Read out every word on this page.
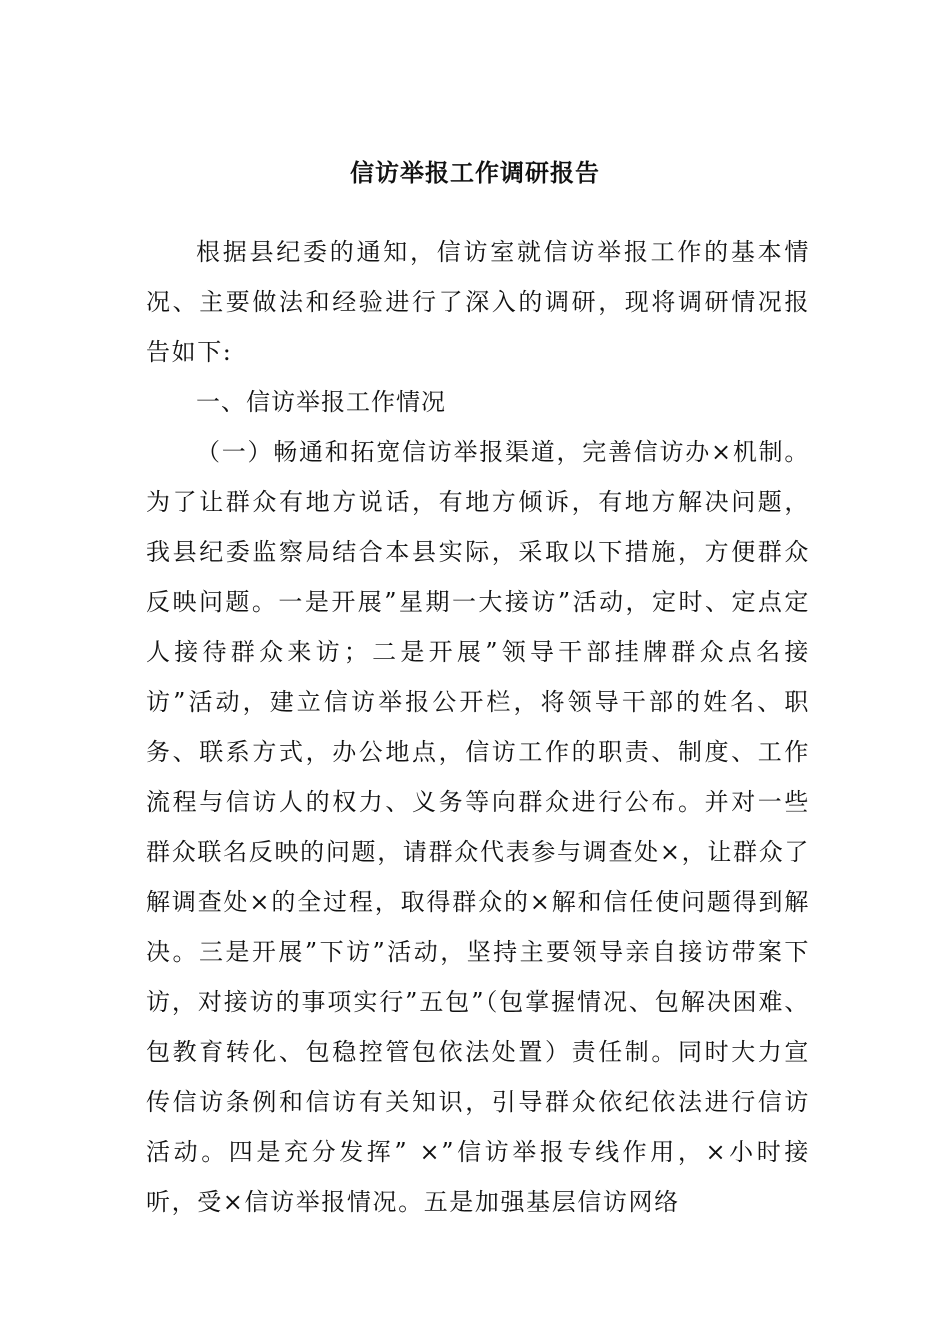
信访举报工作调研报告

根据县纪委的通知，信访室就信访举报工作的基本情况、主要做法和经验进行了深入的调研，现将调研情况报告如下:

一、信访举报工作情况

（一）畅通和拓宽信访举报渠道，完善信访办×机制。为了让群众有地方说话，有地方倾诉，有地方解决问题，我县纪委监察局结合本县实际，采取以下措施，方便群众反映问题。一是开展”星期一大接访”活动，定时、定点定人接待群众来访；二是开展”领导干部挂牌群众点名接访”活动，建立信访举报公开栏，将领导干部的姓名、职务、联系方式，办公地点，信访工作的职责、制度、工作流程与信访人的权力、义务等向群众进行公布。并对一些群众联名反映的问题，请群众代表参与调查处×，让群众了解调查处×的全过程，取得群众的×解和信任使问题得到解决。三是开展”下访”活动，坚持主要领导亲自接访带案下访，对接访的事项实行”五包”（包掌握情况、包解决困难、包教育转化、包稳控管包依法处置）责任制。同时大力宣传信访条例和信访有关知识，引导群众依纪依法进行信访活动。四是充分发挥” ×”信访举报专线作用，×小时接听，受×信访举报情况。五是加强基层信访网络
